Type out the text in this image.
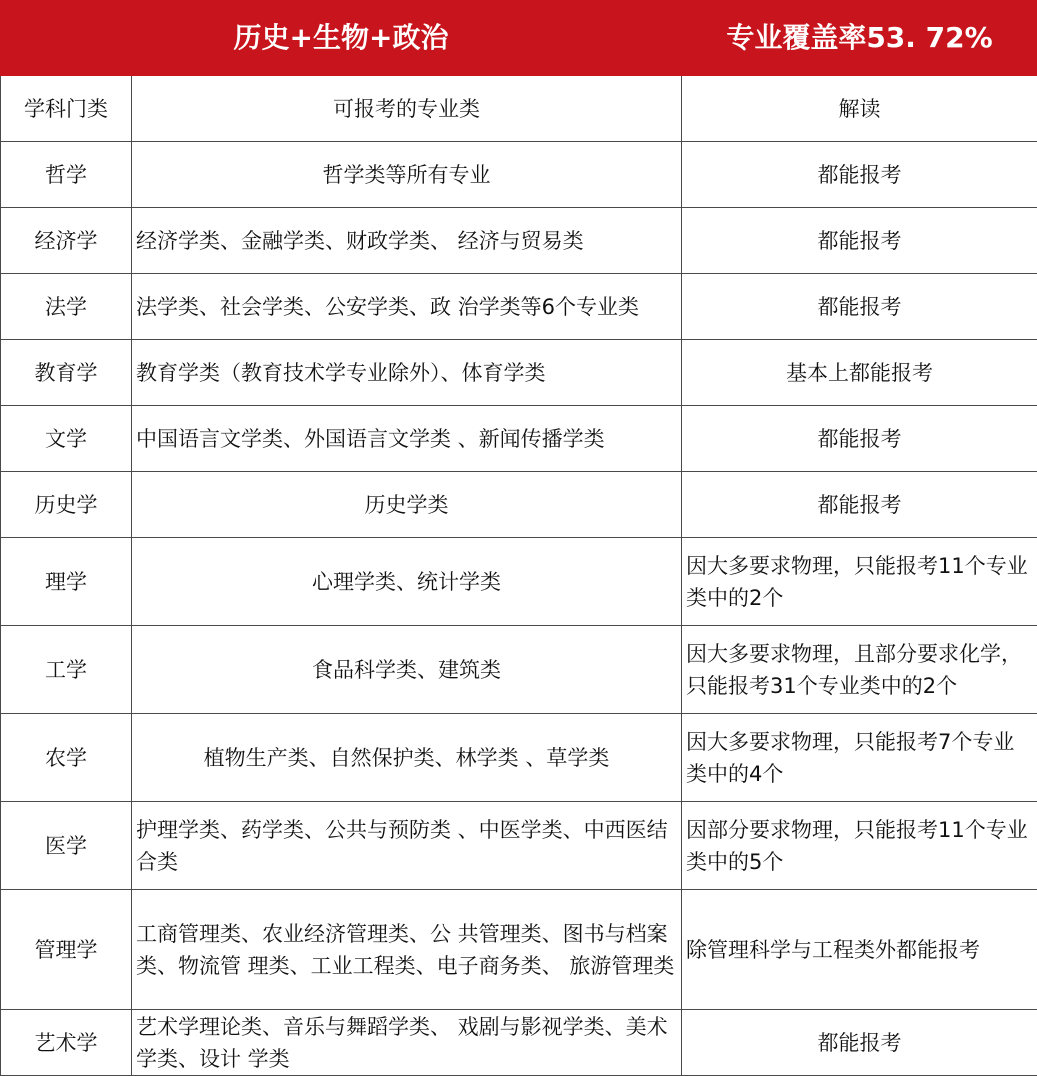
历史+生物+政治		专业覆盖率53. 72%
学科门类	可报考的专业类	解读
哲学	哲学类等所有专业	都能报考
经济学	经济学类、金融学类、财政学类、 经济与贸易类	都能报考
法学	法学类、社会学类、公安学类、政 治学类等6个专业类	都能报考
教育学	教育学类（教育技术学专业除外）、体育学类	基本上都能报考
文学	中国语言文学类、外国语言文学类 、新闻传播学类	都能报考
历史学	历史学类	都能报考
理学	心理学类、统计学类	因大多要求物理，只能报考11个专业类中的2个
工学	食品科学类、建筑类	因大多要求物理，且部分要求化学，只能报考31个专业类中的2个
农学	植物生产类、自然保护类、林学类 、草学类	因大多要求物理，只能报考7个专业类中的4个
医学	护理学类、药学类、公共与预防类 、中医学类、中西医结合类	因部分要求物理，只能报考11个专业类中的5个
管理学	工商管理类、农业经济管理类、公 共管理类、图书与档案类、物流管 理类、工业工程类、电子商务类、 旅游管理类	除管理科学与工程类外都能报考
艺术学	艺术学理论类、音乐与舞蹈学类、 戏剧与影视学类、美术学类、设计 学类	都能报考
